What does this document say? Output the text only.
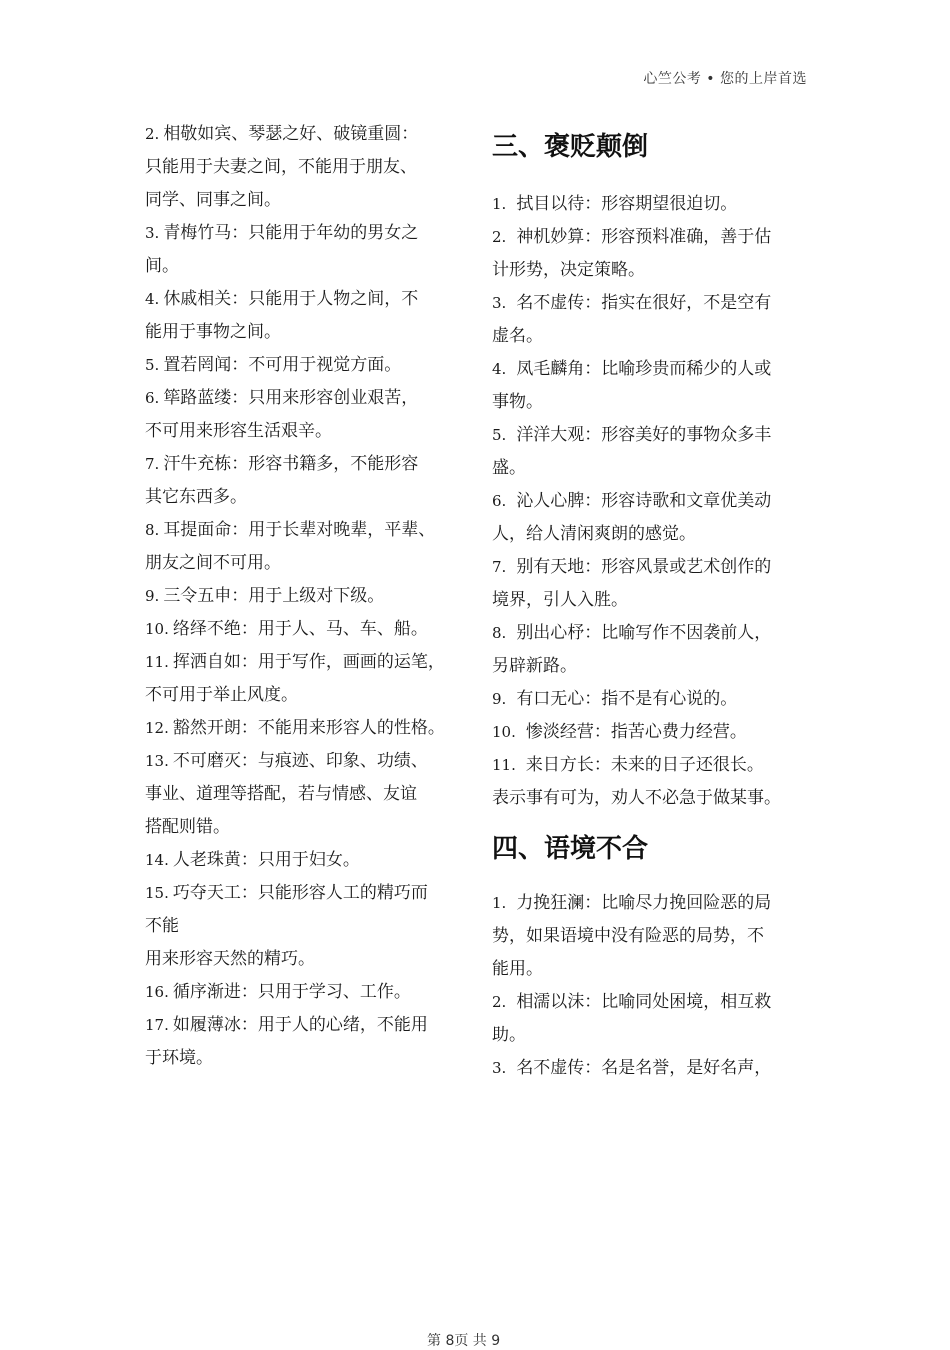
心竺公考 • 您的上岸首选

2. 相敬如宾、琴瑟之好、破镜重圆：

只能用于夫妻之间，不能用于朋友、

同学、同事之间。

3. 青梅竹马：只能用于年幼的男女之

间。

4. 休戚相关：只能用于人物之间，不

能用于事物之间。

5. 置若罔闻：不可用于视觉方面。

6. 筚路蓝缕：只用来形容创业艰苦，

不可用来形容生活艰辛。

7. 汗牛充栋：形容书籍多，不能形容

其它东西多。

8. 耳提面命：用于长辈对晚辈，平辈、

朋友之间不可用。

9. 三令五申：用于上级对下级。

10. 络绎不绝：用于人、马、车、船。

11. 挥洒自如：用于写作，画画的运笔，

不可用于举止风度。

12. 豁然开朗：不能用来形容人的性格。

13. 不可磨灭：与痕迹、印象、功绩、

事业、道理等搭配，若与情感、友谊

搭配则错。

14. 人老珠黄：只用于妇女。

15. 巧夺天工：只能形容人工的精巧而

不能

用来形容天然的精巧。

16. 循序渐进：只用于学习、工作。

17. 如履薄冰：用于人的心绪，不能用

于环境。

三、褒贬颠倒

1. 拭目以待：形容期望很迫切。

2. 神机妙算：形容预料准确，善于估

计形势，决定策略。

3. 名不虚传：指实在很好，不是空有

虚名。

4. 凤毛麟角：比喻珍贵而稀少的人或

事物。

5. 洋洋大观：形容美好的事物众多丰

盛。

6. 沁人心脾：形容诗歌和文章优美动

人，给人清闲爽朗的感觉。

7. 别有天地：形容风景或艺术创作的

境界，引人入胜。

8. 别出心杼：比喻写作不因袭前人，

另辟新路。

9. 有口无心：指不是有心说的。

10. 惨淡经营：指苦心费力经营。

11. 来日方长：未来的日子还很长。

表示事有可为，劝人不必急于做某事。

四、语境不合

1. 力挽狂澜：比喻尽力挽回险恶的局

势，如果语境中没有险恶的局势，不

能用。

2. 相濡以沫：比喻同处困境，相互救

助。

3. 名不虚传：名是名誉，是好名声，

第 8页 共 9
